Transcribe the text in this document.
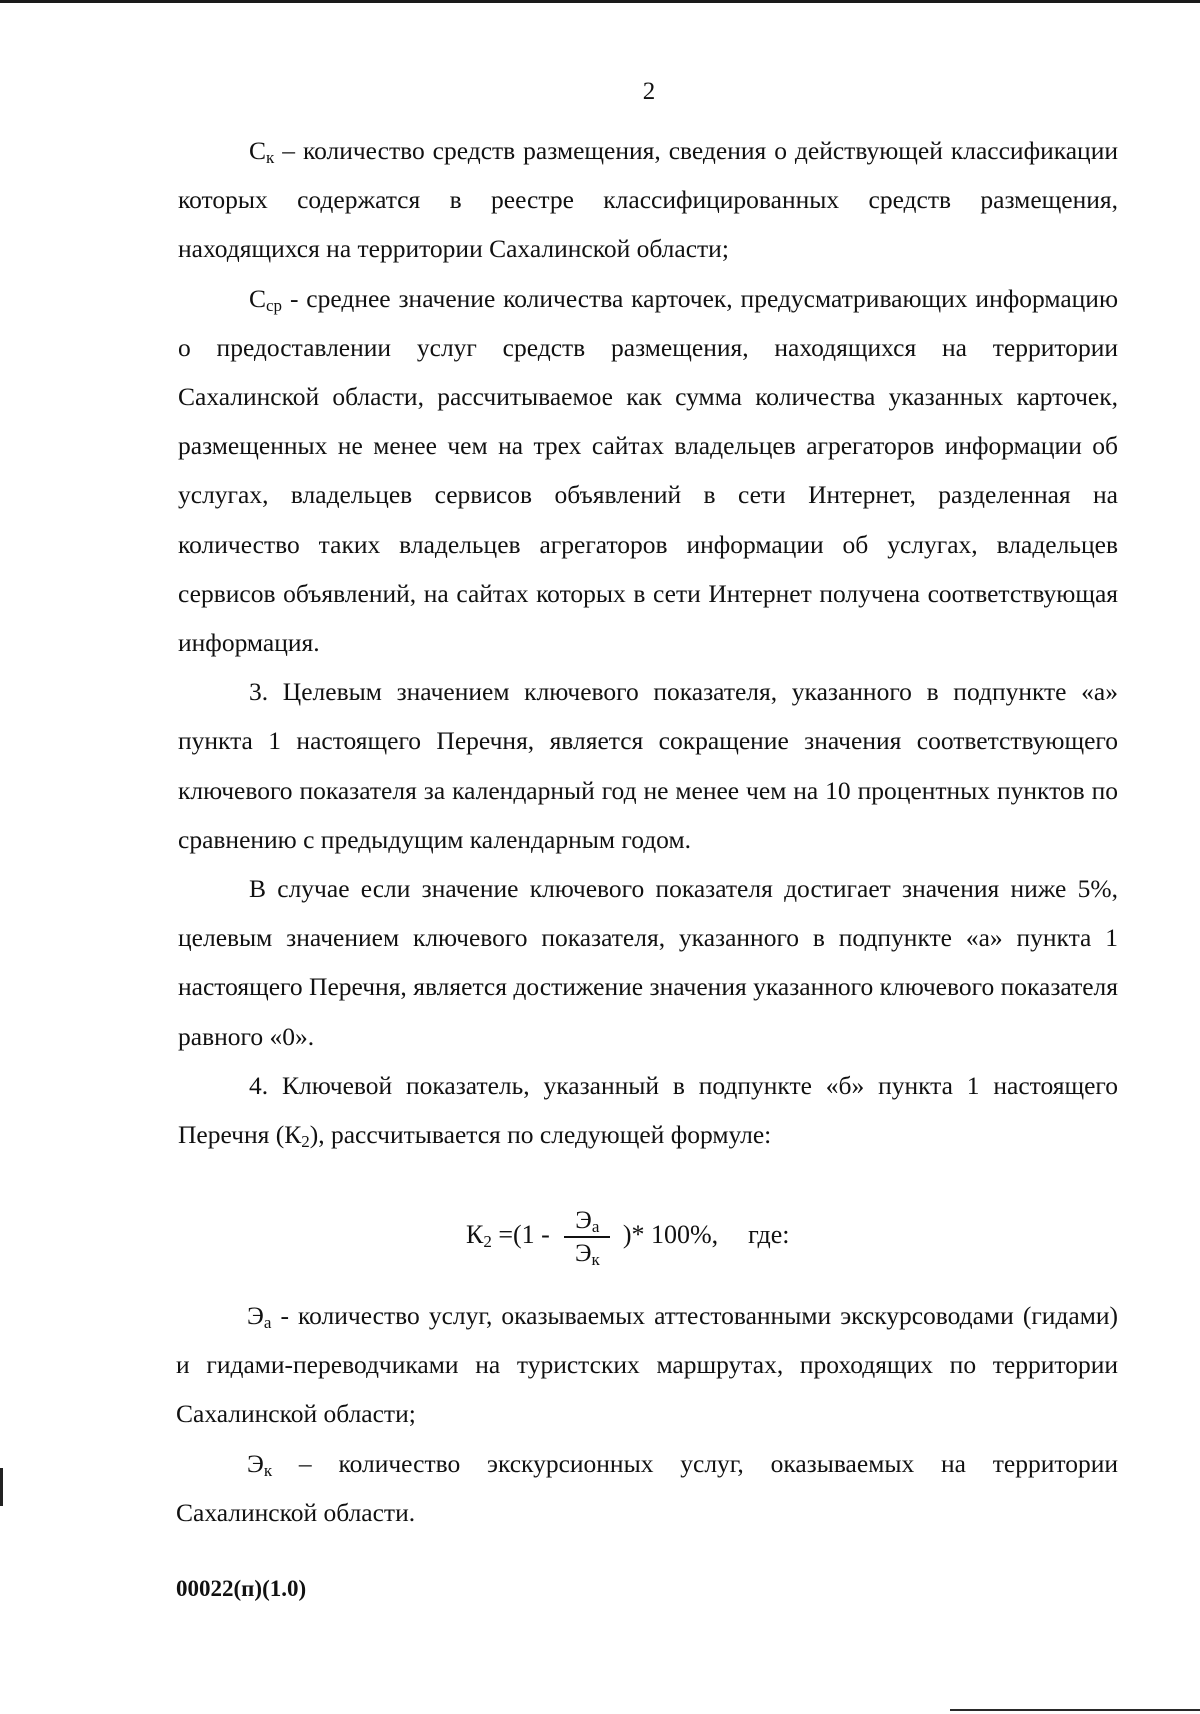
2

$С_к$ – количество средств размещения, сведения о действующей классификации которых содержатся в реестре классифицированных средств размещения, находящихся на территории Сахалинской области;

$С_{ср}$ - среднее значение количества карточек, предусматривающих информацию о предоставлении услуг средств размещения, находящихся на территории Сахалинской области, рассчитываемое как сумма количества указанных карточек, размещенных не менее чем на трех сайтах владельцев агрегаторов информации об услугах, владельцев сервисов объявлений в сети Интернет, разделенная на количество таких владельцев агрегаторов информации об услугах, владельцев сервисов объявлений, на сайтах которых в сети Интернет получена соответствующая информация.

3. Целевым значением ключевого показателя, указанного в подпункте «а» пункта 1 настоящего Перечня, является сокращение значения соответствующего ключевого показателя за календарный год не менее чем на 10 процентных пунктов по сравнению с предыдущим календарным годом.

В случае если значение ключевого показателя достигает значения ниже 5%, целевым значением ключевого показателя, указанного в подпункте «а» пункта 1 настоящего Перечня, является достижение значения указанного ключевого показателя равного «0».

4. Ключевой показатель, указанный в подпункте «б» пункта 1 настоящего Перечня $(К_2)$, рассчитывается по следующей формуле:

$К_2 =(1 - \frac{Э_а}{Э_к}$ )* 100%, где:

$Э_а$ - количество услуг, оказываемых аттестованными экскурсоводами (гидами) и гидами-переводчиками на туристских маршрутах, проходящих по территории Сахалинской области;

$Э_к$ – количество экскурсионных услуг, оказываемых на территории Сахалинской области.

00022(п)(1.0)
